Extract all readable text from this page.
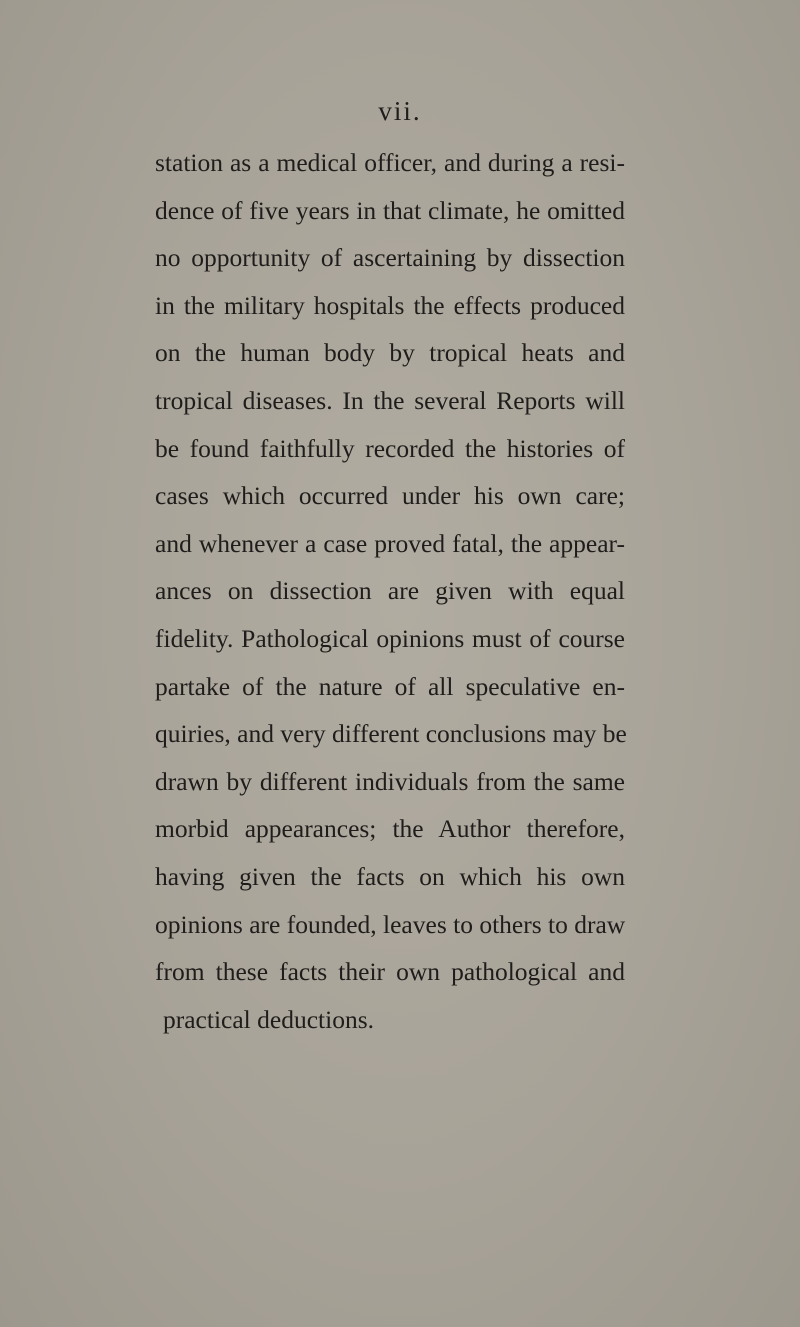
vii.
station as a medical officer, and during a resi-
dence of five years in that climate, he omitted
no opportunity of ascertaining by dissection
in the military hospitals the effects produced
on the human body by tropical heats and
tropical diseases. In the several Reports will
be found faithfully recorded the histories of
cases which occurred under his own care;
and whenever a case proved fatal, the appear-
ances on dissection are given with equal
fidelity. Pathological opinions must of course
partake of the nature of all speculative en-
quiries, and very different conclusions may be
drawn by different individuals from the same
morbid appearances; the Author therefore,
having given the facts on which his own
opinions are founded, leaves to others to draw
from these facts their own pathological and
practical deductions.
